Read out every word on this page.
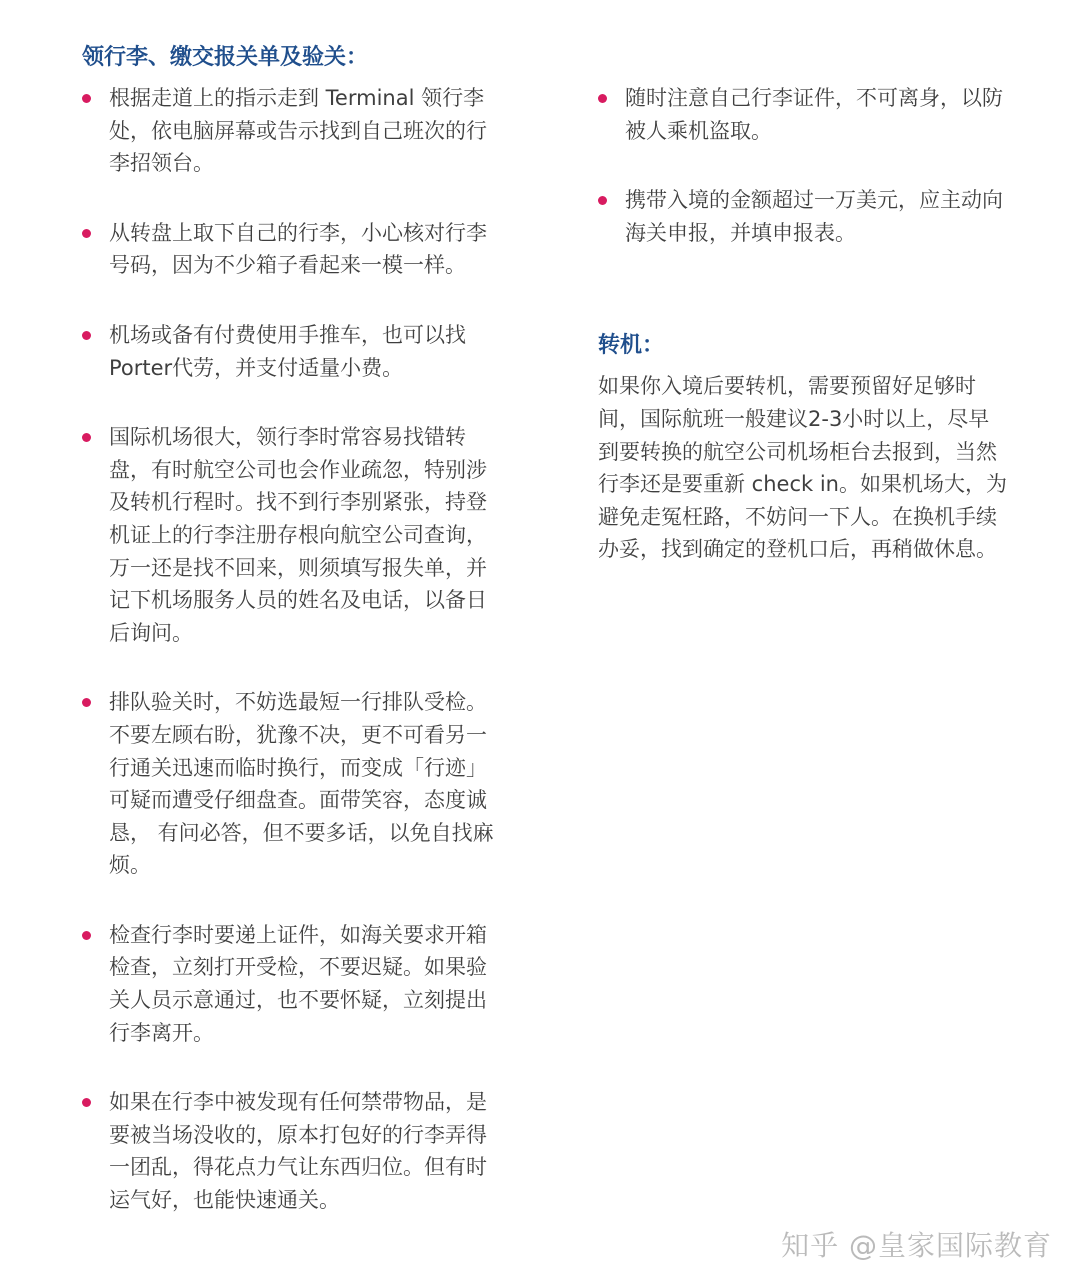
领行李、缴交报关单及验关：
根据走道上的指示走到 Terminal 领行李处，依电脑屏幕或告示找到自己班次的行李招领台。
从转盘上取下自己的行李，小心核对行李号码，因为不少箱子看起来一模一样。
机场或备有付费使用手推车，也可以找Porter代劳，并支付适量小费。
国际机场很大，领行李时常容易找错转盘，有时航空公司也会作业疏忽，特别涉及转机行程时。找不到行李别紧张，持登机证上的行李注册存根向航空公司查询，万一还是找不回来，则须填写报失单，并记下机场服务人员的姓名及电话，以备日后询问。
排队验关时，不妨选最短一行排队受检。不要左顾右盼，犹豫不决，更不可看另一行通关迅速而临时换行，而变成「行迹」可疑而遭受仔细盘查。面带笑容，态度诚恳， 有问必答，但不要多话，以免自找麻烦。
检查行李时要递上证件，如海关要求开箱检查，立刻打开受检，不要迟疑。如果验关人员示意通过，也不要怀疑，立刻提出行李离开。
如果在行李中被发现有任何禁带物品，是要被当场没收的，原本打包好的行李弄得一团乱，得花点力气让东西归位。但有时运气好，也能快速通关。
随时注意自己行李证件，不可离身，以防被人乘机盗取。
携带入境的金额超过一万美元，应主动向海关申报，并填申报表。
转机：

如果你入境后要转机，需要预留好足够时间，国际航班一般建议2-3小时以上，尽早到要转换的航空公司机场柜台去报到，当然行李还是要重新 check in。如果机场大，为避免走冤枉路，不妨问一下人。在换机手续办妥，找到确定的登机口后，再稍做休息。

知乎 @皇家国际教育
